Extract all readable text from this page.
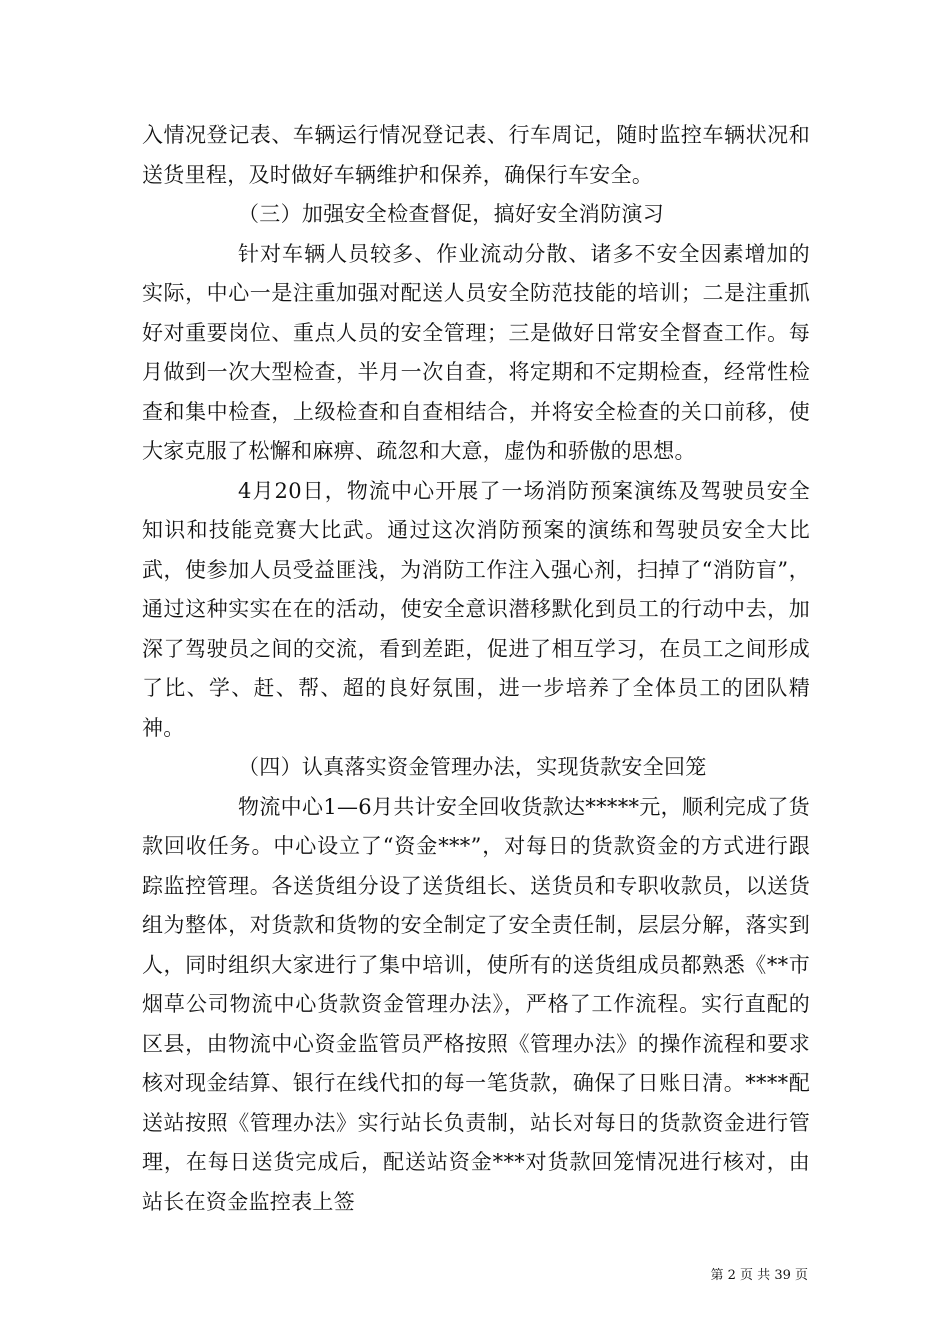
入情况登记表、车辆运行情况登记表、行车周记，随时监控车辆状况和送货里程，及时做好车辆维护和保养，确保行车安全。

（三）加强安全检查督促，搞好安全消防演习

针对车辆人员较多、作业流动分散、诸多不安全因素增加的实际，中心一是注重加强对配送人员安全防范技能的培训；二是注重抓好对重要岗位、重点人员的安全管理；三是做好日常安全督查工作。每月做到一次大型检查，半月一次自查，将定期和不定期检查，经常性检查和集中检查，上级检查和自查相结合，并将安全检查的关口前移，使大家克服了松懈和麻痹、疏忽和大意，虚伪和骄傲的思想。

4月20日，物流中心开展了一场消防预案演练及驾驶员安全知识和技能竞赛大比武。通过这次消防预案的演练和驾驶员安全大比武，使参加人员受益匪浅，为消防工作注入强心剂，扫掉了“消防盲”，通过这种实实在在的活动，使安全意识潜移默化到员工的行动中去，加深了驾驶员之间的交流，看到差距，促进了相互学习，在员工之间形成了比、学、赶、帮、超的良好氛围，进一步培养了全体员工的团队精神。

（四）认真落实资金管理办法，实现货款安全回笼

物流中心1—6月共计安全回收货款达*****元，顺利完成了货款回收任务。中心设立了“资金***”，对每日的货款资金的方式进行跟踪监控管理。各送货组分设了送货组长、送货员和专职收款员，以送货组为整体，对货款和货物的安全制定了安全责任制，层层分解，落实到人，同时组织大家进行了集中培训，使所有的送货组成员都熟悉《**市烟草公司物流中心货款资金管理办法》，严格了工作流程。实行直配的区县，由物流中心资金监管员严格按照《管理办法》的操作流程和要求核对现金结算、银行在线代扣的每一笔货款，确保了日账日清。****配送站按照《管理办法》实行站长负责制，站长对每日的货款资金进行管理，在每日送货完成后，配送站资金***对货款回笼情况进行核对，由站长在资金监控表上签

第 2 页 共 39 页
